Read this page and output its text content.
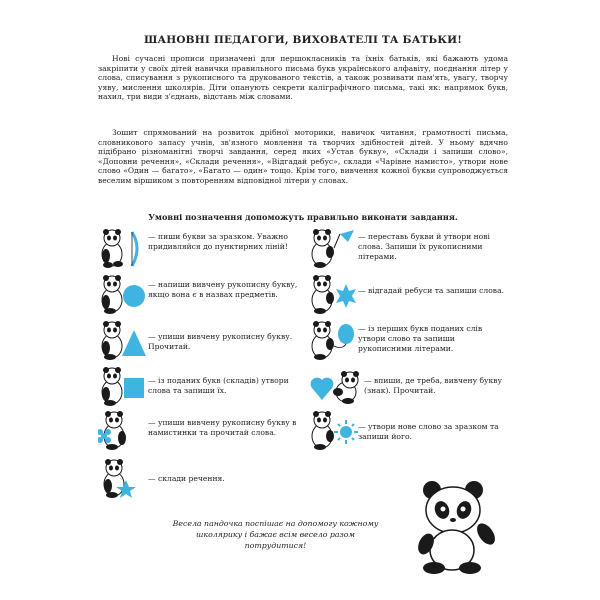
ШАНОВНІ ПЕДАГОГИ, ВИХОВАТЕЛІ ТА БАТЬКИ!

Нові сучасні прописи призначені для першокласників та їхніх батьків, які бажають удома закріпити у своїх дітей навички правильного письма букв українського алфавіту, поєднання літер у слова, списування з рукописного та друкованого текстів, а також розвивати пам'ять, увагу, творчу уяву, мислення школярів. Діти опанують секрети каліграфічного письма, такі як: напрямок букв, нахил, три види з'єднань, відстань між словами.

Зошит спрямований на розвиток дрібної моторики, навичок читання, грамотності письма, словникового запасу учнів, зв'язного мовлення та творчих здібностей дітей. У ньому вдячно підібрано різноманітні творчі завдання, серед яких «Устав букву», «Склади і запиши слово», «Доповни речення», «Склади речення», «Відгадай ребус», склади «Чарівне намисто», утвори нове слово «Один — багато», «Багато — один» тощо. Крім того, вивчення кожної букви супроводжується веселим віршиком з повторенням відповідної літери у словах.

Умовні позначення допоможуть правильно виконати завдання.
— пиши букви за зразком. Уважно придивляйся до пунктирних ліній!
— напиши вивчену рукописну букву, якщо вона є в назвах предметів.
— упиши вивчену рукописну букву. Прочитай.
— із поданих букв (складів) утвори слова та запиши їх.
— упиши вивчену рукописну букву в намистинки та прочитай слова.
— склади речення.
— переставь букви й утвори нові слова. Запиши їх рукописними літерами.
— відгадай ребуси та запиши слова.
— із перших букв поданих слів утвори слово та запиши рукописними літерами.
— впиши, де треба, вивчену букву (знак). Прочитай.
— утвори нове слово за зразком та запиши його.
Весела пандочка поспішає на допомогу кожному школярику і бажає всім весело разом потрудитися!
